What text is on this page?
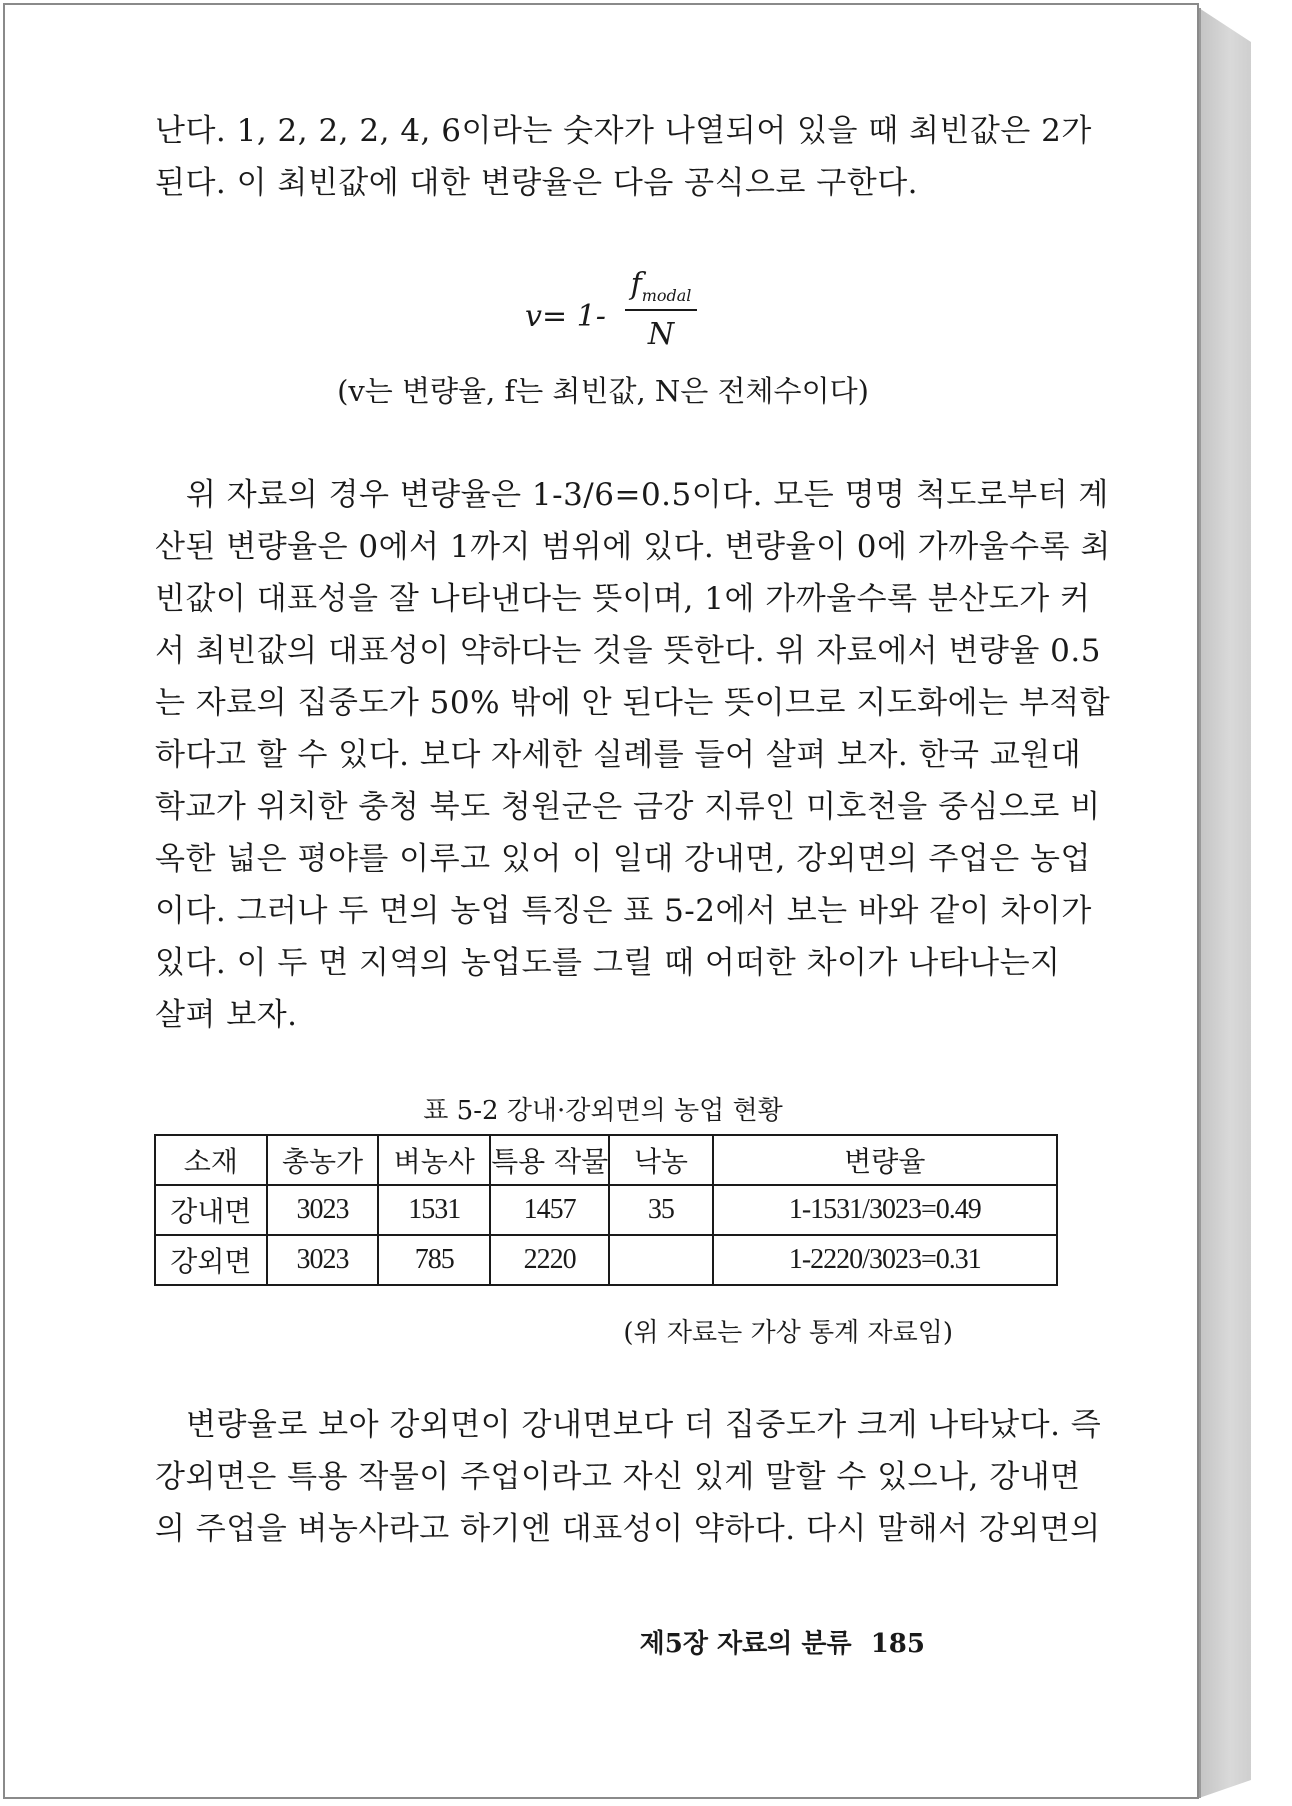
난다. 1, 2, 2, 2, 4, 6이라는 숫자가 나열되어 있을 때 최빈값은 2가
된다. 이 최빈값에 대한 변량율은 다음 공식으로 구한다.

v= 1-
$f_{modal}$
N
(v는 변량율, f는 최빈값, N은 전체수이다)

위 자료의 경우 변량율은 1-3/6=0.5이다. 모든 명명 척도로부터 계
산된 변량율은 0에서 1까지 범위에 있다. 변량율이 0에 가까울수록 최
빈값이 대표성을 잘 나타낸다는 뜻이며, 1에 가까울수록 분산도가 커
서 최빈값의 대표성이 약하다는 것을 뜻한다. 위 자료에서 변량율 0.5
는 자료의 집중도가 50% 밖에 안 된다는 뜻이므로 지도화에는 부적합
하다고 할 수 있다. 보다 자세한 실례를 들어 살펴 보자. 한국 교원대
학교가 위치한 충청 북도 청원군은 금강 지류인 미호천을 중심으로 비
옥한 넓은 평야를 이루고 있어 이 일대 강내면, 강외면의 주업은 농업
이다. 그러나 두 면의 농업 특징은 표 5-2에서 보는 바와 같이 차이가
있다. 이 두 면 지역의 농업도를 그릴 때 어떠한 차이가 나타나는지
살펴 보자.

표 5-2 강내·강외면의 농업 현황
소재	총농가	벼농사	특용 작물	낙농	변량율
강내면	3023	1531	1457	35	1-1531/3023=0.49
강외면	3023	785	2220		1-2220/3023=0.31
(위 자료는 가상 통계 자료임)

변량율로 보아 강외면이 강내면보다 더 집중도가 크게 나타났다. 즉
강외면은 특용 작물이 주업이라고 자신 있게 말할 수 있으나, 강내면
의 주업을 벼농사라고 하기엔 대표성이 약하다. 다시 말해서 강외면의

제5장 자료의 분류 185
